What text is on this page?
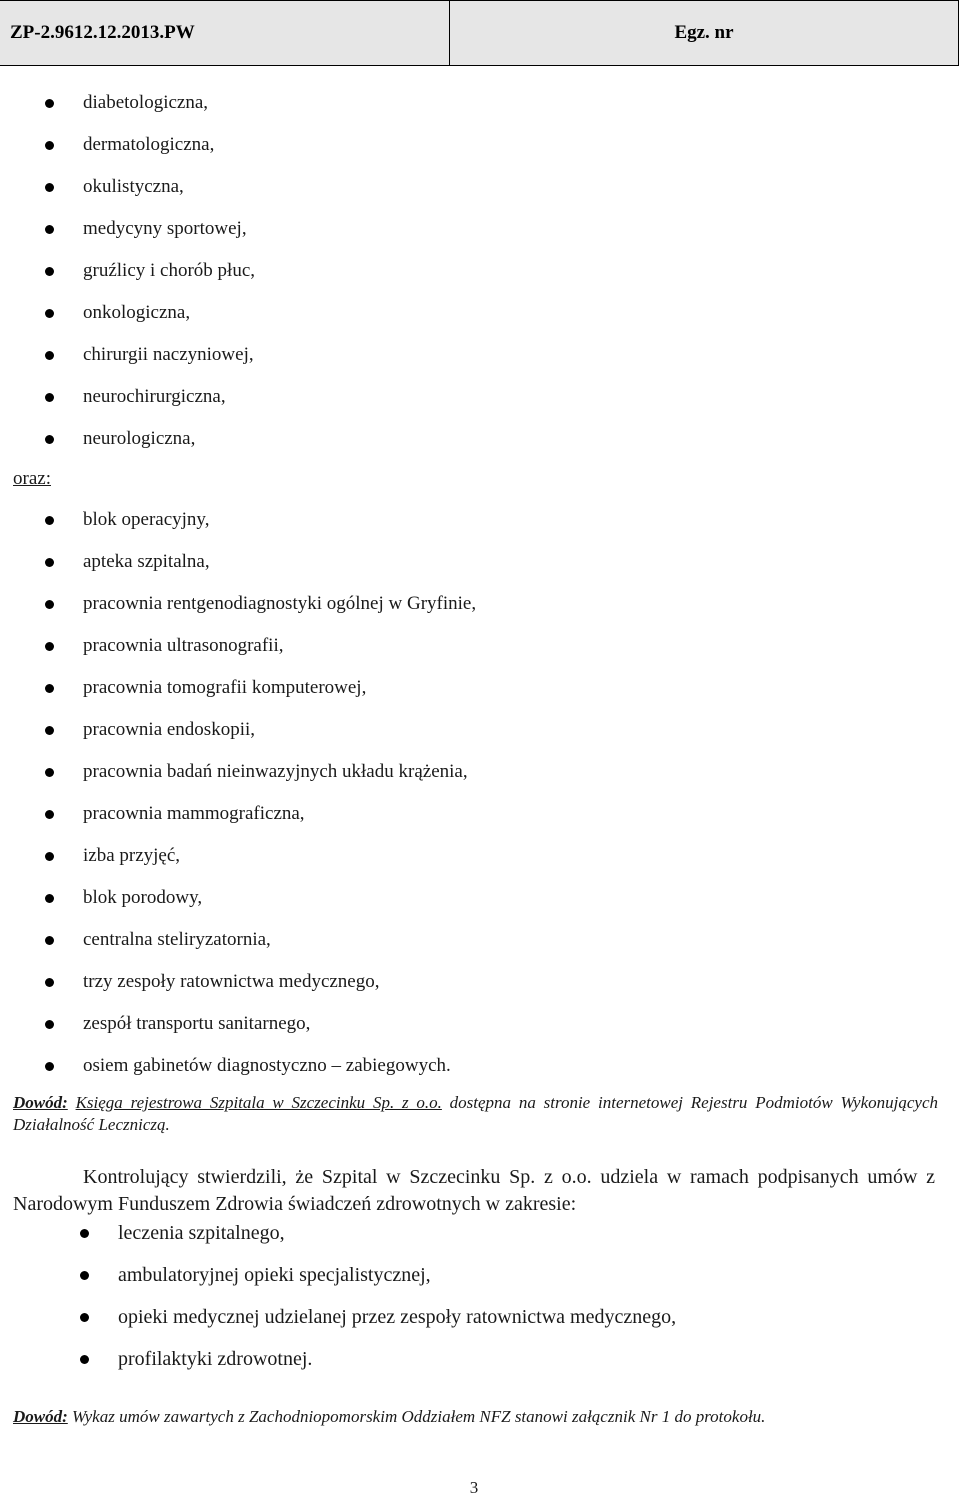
ZP-2.9612.12.2013.PW	Egz. nr
diabetologiczna,
dermatologiczna,
okulistyczna,
medycyny sportowej,
gruźlicy i chorób płuc,
onkologiczna,
chirurgii naczyniowej,
neurochirurgiczna,
neurologiczna,
oraz:
blok operacyjny,
apteka szpitalna,
pracownia rentgenodiagnostyki ogólnej w Gryfinie,
pracownia ultrasonografii,
pracownia tomografii komputerowej,
pracownia endoskopii,
pracownia badań nieinwazyjnych układu krążenia,
pracownia mammograficzna,
izba przyjęć,
blok porodowy,
centralna steliryzatornia,
trzy zespoły ratownictwa medycznego,
zespół transportu sanitarnego,
osiem gabinetów diagnostyczno – zabiegowych.
Dowód: Księga rejestrowa Szpitala w Szczecinku Sp. z o.o. dostępna na stronie internetowej Rejestru Podmiotów Wykonujących Działalność Leczniczą.
Kontrolujący stwierdzili, że Szpital w Szczecinku Sp. z o.o. udziela w ramach podpisanych umów z Narodowym Funduszem Zdrowia świadczeń zdrowotnych w zakresie:
leczenia szpitalnego,
ambulatoryjnej opieki specjalistycznej,
opieki medycznej udzielanej przez zespoły ratownictwa medycznego,
profilaktyki zdrowotnej.
Dowód: Wykaz umów zawartych z Zachodniopomorskim Oddziałem NFZ stanowi załącznik Nr 1 do protokołu.
3
